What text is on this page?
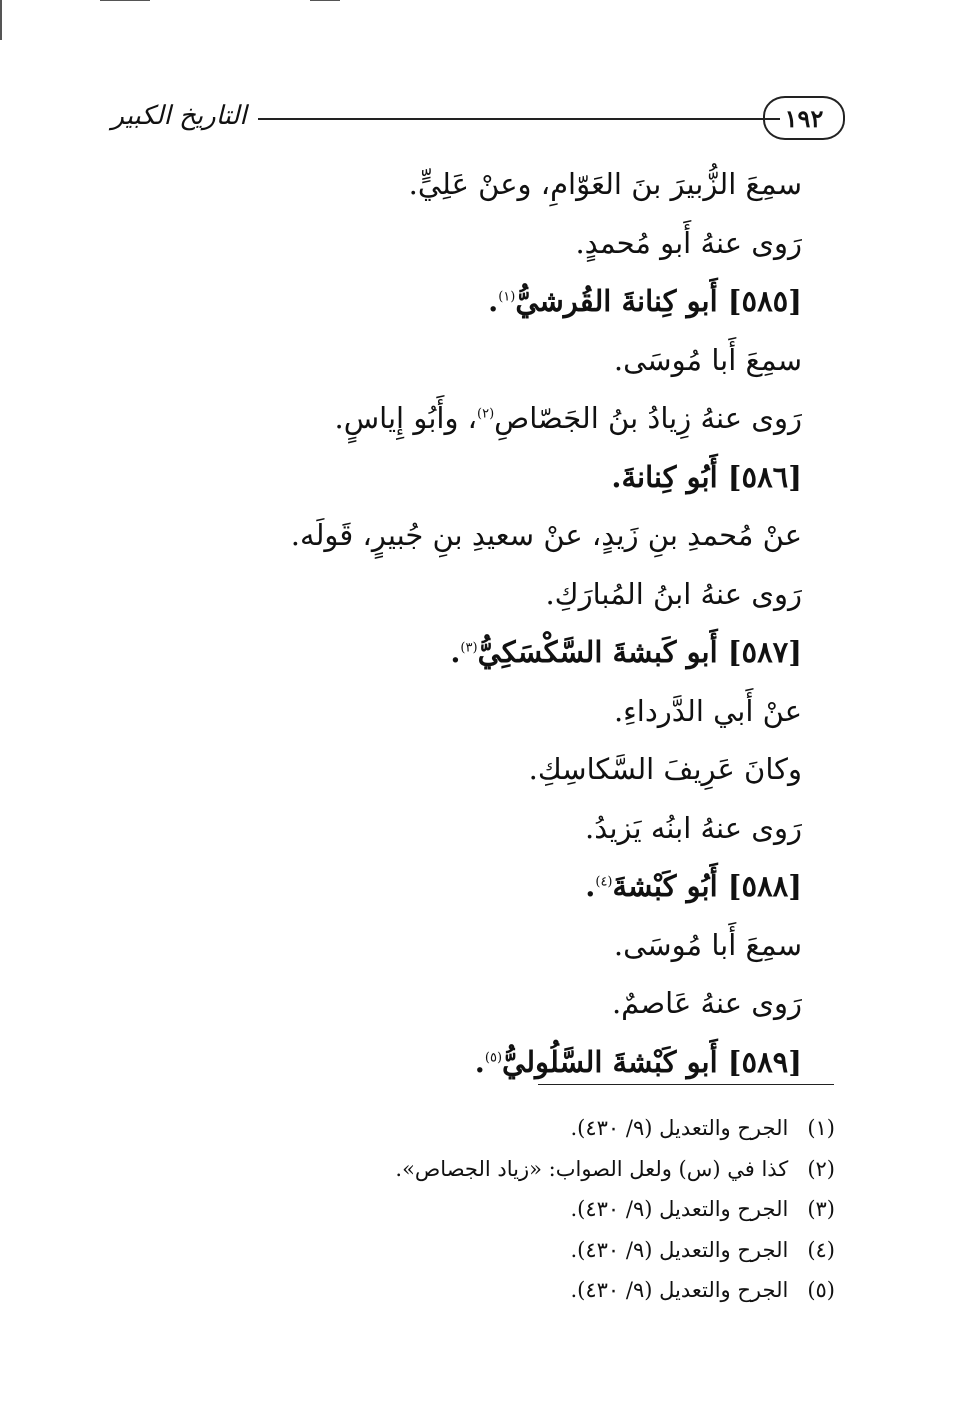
١٩٢
التاريخ الكبير
سمِعَ الزُّبيرَ بنَ العَوّامِ، وعنْ عَلِيٍّ.
رَوى عنهُ أَبو مُحمدٍ.
[٥٨٥] أَبو كِنانةَ القُرشيُّ$^{(١)}$.
سمِعَ أَبا مُوسَى.
رَوى عنهُ زِيادُ بنُ الجَصّاصِ$^{(٢)}$، وأَبُو إِياسٍ.
[٥٨٦] أَبُو كِنانةَ.
عنْ مُحمدِ بنِ زَيدٍ، عنْ سعيدِ بنِ جُبيرٍ، قَولَه.
رَوى عنهُ ابنُ المُبارَكِ.
[٥٨٧] أَبو كَبشةَ السَّكْسَكِيُّ$^{(٣)}$.
عنْ أَبي الدَّرداءِ.
وكانَ عَرِيفَ السَّكاسِكِ.
رَوى عنهُ ابنُه يَزيدُ.
[٥٨٨] أَبُو كَبْشةَ$^{(٤)}$.
سمِعَ أَبا مُوسَى.
رَوى عنهُ عَاصمٌ.
[٥٨٩] أَبو كَبْشةَ السَّلُوليُّ$^{(٥)}$.
(١) الجرح والتعديل (٩/ ٤٣٠).
(٢) كذا في (س) ولعل الصواب: «زياد الجصاص».
(٣) الجرح والتعديل (٩/ ٤٣٠).
(٤) الجرح والتعديل (٩/ ٤٣٠).
(٥) الجرح والتعديل (٩/ ٤٣٠).
